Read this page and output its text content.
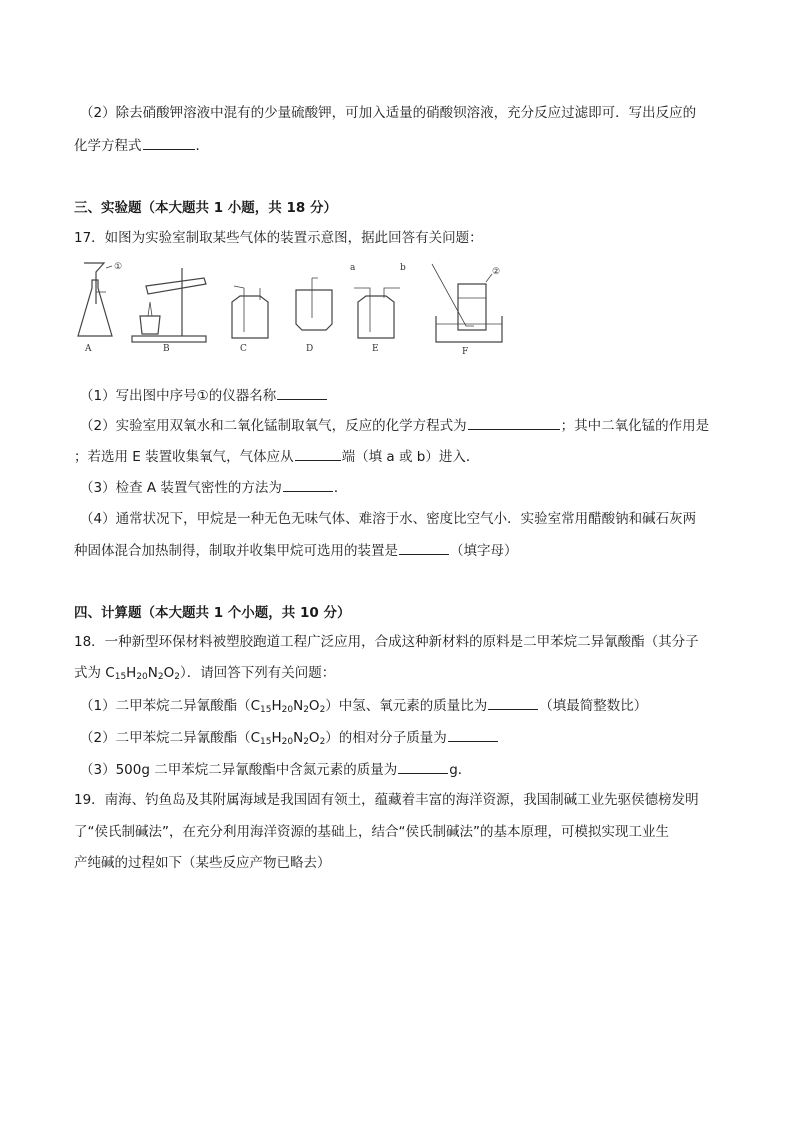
（2）除去硝酸钾溶液中混有的少量硫酸钾，可加入适量的硝酸钡溶液，充分反应过滤即可．写出反应的
化学方程式	．
三、实验题（本大题共 1 小题，共 18 分）
17．如图为实验室制取某些气体的装置示意图，据此回答有关问题：
①
A	B	C	D
a	b
E
②
F
（1）写出图中序号①的仪器名称
（2）实验室用双氧水和二氧化锰制取氧气，反应的化学方程式为	；其中二氧化锰的作用是
；若选用 E 装置收集氧气，气体应从	端（填 a 或 b）进入．
（3）检查 A 装置气密性的方法为	．
（4）通常状况下，甲烷是一种无色无味气体、难溶于水、密度比空气小．实验室常用醋酸钠和碱石灰两
种固体混合加热制得，制取并收集甲烷可选用的装置是	（填字母）
四、计算题（本大题共 1 个小题，共 10 分）
18．一种新型环保材料被塑胶跑道工程广泛应用，合成这种新材料的原料是二甲苯烷二异氰酸酯（其分子
式为 $C_{15}H_{20}N_2O_2$）．请回答下列有关问题：
（1）二甲苯烷二异氰酸酯$(C_{15}H_{20}N_2O_2)$中氢、氧元素的质量比为	（填最简整数比）
（2）二甲苯烷二异氰酸酯$(C_{15}H_{20}N_2O_2)$的相对分子质量为
（3）500g 二甲苯烷二异氰酸酯中含氮元素的质量为	g．
19．南海、钓鱼岛及其附属海域是我国固有领土，蕴藏着丰富的海洋资源，我国制碱工业先驱侯德榜发明
了“侯氏制碱法”，在充分利用海洋资源的基础上，结合“侯氏制碱法”的基本原理，可模拟实现工业生
产纯碱的过程如下（某些反应产物已略去）
